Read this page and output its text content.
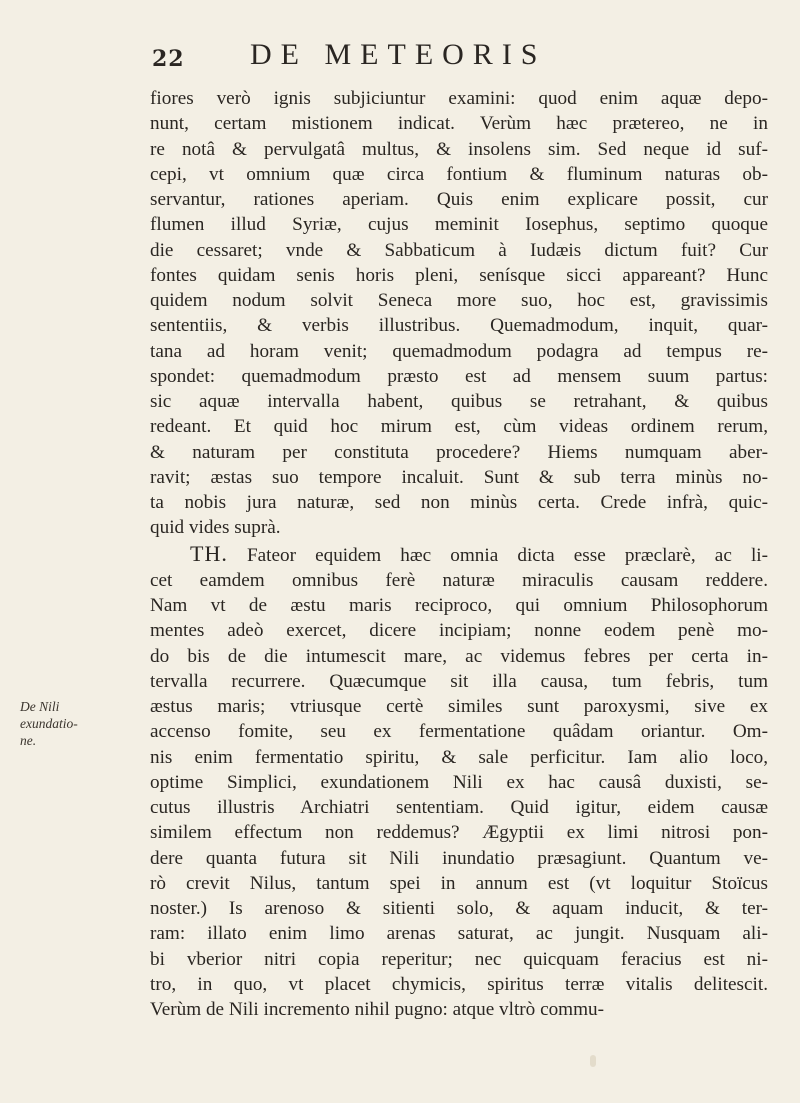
22 DE METEORIS
De Nili
exundatio-
ne.
fiores verò ignis subjiciuntur examini: quod enim aquæ depo-
nunt, certam mistionem indicat. Verùm hæc prætereo, ne in
re notâ & pervulgatâ multus, & insolens sim. Sed neque id suf-
cepi, vt omnium quæ circa fontium & fluminum naturas ob-
servantur, rationes aperiam. Quis enim explicare possit, cur
flumen illud Syriæ, cujus meminit Iosephus, septimo quoque
die cessaret; vnde & Sabbaticum à Iudæis dictum fuit? Cur
fontes quidam senis horis pleni, senísque sicci appareant? Hunc
quidem nodum solvit Seneca more suo, hoc est, gravissimis
sententiis, & verbis illustribus. Quemadmodum, inquit, quar-
tana ad horam venit; quemadmodum podagra ad tempus re-
spondet: quemadmodum præsto est ad mensem suum partus:
sic aquæ intervalla habent, quibus se retrahant, & quibus
redeant. Et quid hoc mirum est, cùm videas ordinem rerum,
& naturam per constituta procedere? Hiems numquam aber-
ravit; æstas suo tempore incaluit. Sunt & sub terra minùs no-
ta nobis jura naturæ, sed non minùs certa. Crede infrà, quic-
quid vides suprà.
TH. Fateor equidem hæc omnia dicta esse præclarè, ac li-
cet eamdem omnibus ferè naturæ miraculis causam reddere.
Nam vt de æstu maris reciproco, qui omnium Philosophorum
mentes adeò exercet, dicere incipiam; nonne eodem penè mo-
do bis de die intumescit mare, ac videmus febres per certa in-
tervalla recurrere. Quæcumque sit illa causa, tum febris, tum
æstus maris; vtriusque certè similes sunt paroxysmi, sive ex
accenso fomite, seu ex fermentatione quâdam oriantur. Om-
nis enim fermentatio spiritu, & sale perficitur. Iam alio loco,
optime Simplici, exundationem Nili ex hac causâ duxisti, se-
cutus illustris Archiatri sententiam. Quid igitur, eidem causæ
similem effectum non reddemus? Ægyptii ex limi nitrosi pon-
dere quanta futura sit Nili inundatio præsagiunt. Quantum ve-
rò crevit Nilus, tantum spei in annum est (vt loquitur Stoïcus
noster.) Is arenoso & sitienti solo, & aquam inducit, & ter-
ram: illato enim limo arenas saturat, ac jungit. Nusquam ali-
bi vberior nitri copia reperitur; nec quicquam feracius est ni-
tro, in quo, vt placet chymicis, spiritus terræ vitalis delitescit.
Verùm de Nili incremento nihil pugno: atque vltrò commu-
